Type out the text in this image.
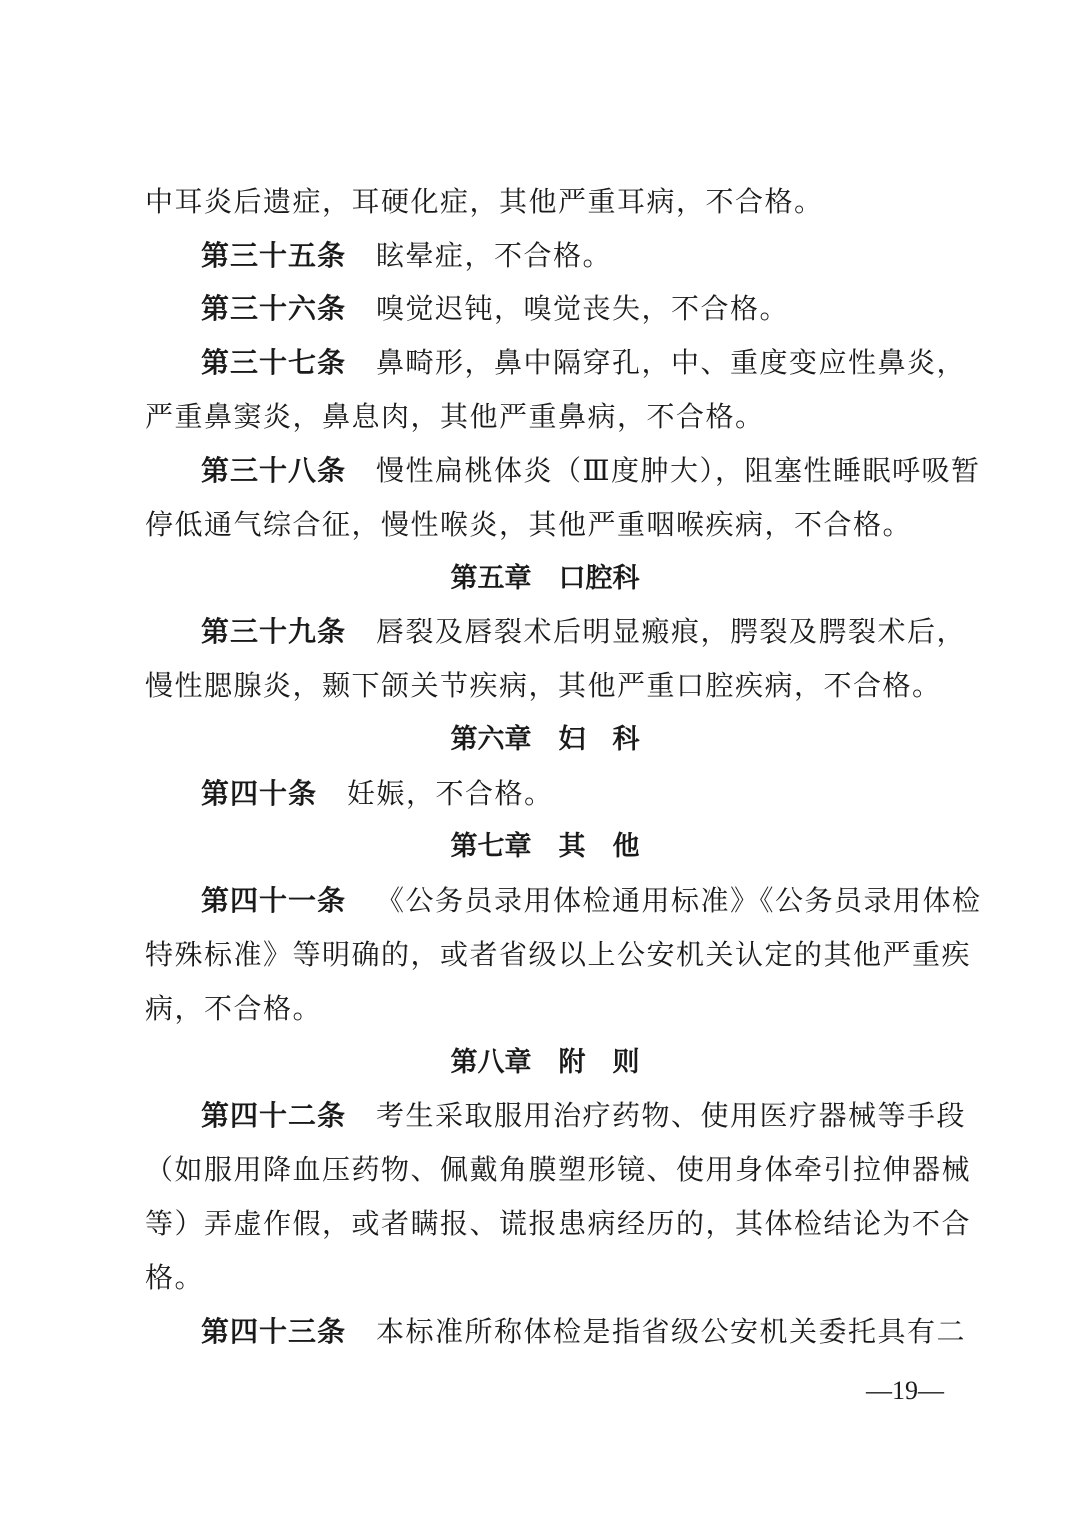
中耳炎后遗症，耳硬化症，其他严重耳病，不合格。
第三十五条 眩晕症，不合格。
第三十六条 嗅觉迟钝，嗅觉丧失，不合格。
第三十七条 鼻畸形，鼻中隔穿孔，中、重度变应性鼻炎，
严重鼻窦炎，鼻息肉，其他严重鼻病，不合格。
第三十八条 慢性扁桃体炎（Ⅲ度肿大），阻塞性睡眠呼吸暂
停低通气综合征，慢性喉炎，其他严重咽喉疾病，不合格。
第五章　口腔科
第三十九条 唇裂及唇裂术后明显瘢痕，腭裂及腭裂术后，
慢性腮腺炎，颞下颌关节疾病，其他严重口腔疾病，不合格。
第六章　妇　科
第四十条 妊娠，不合格。
第七章　其　他
第四十一条 《公务员录用体检通用标准》《公务员录用体检
特殊标准》等明确的，或者省级以上公安机关认定的其他严重疾
病，不合格。
第八章　附　则
第四十二条 考生采取服用治疗药物、使用医疗器械等手段
（如服用降血压药物、佩戴角膜塑形镜、使用身体牵引拉伸器械
等）弄虚作假，或者瞒报、谎报患病经历的，其体检结论为不合
格。
第四十三条 本标准所称体检是指省级公安机关委托具有二
—19—
